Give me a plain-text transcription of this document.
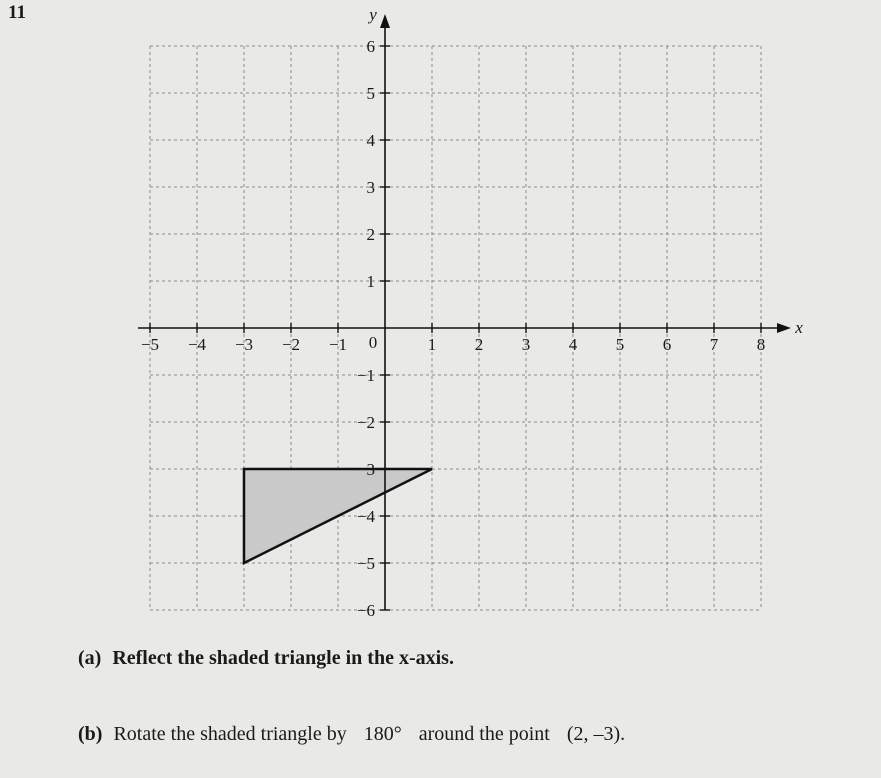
11
−5 −4 −3 −2 −1	1 2 3 4 5 6 7 8
0
1
2
3
4
5
6
−1
−2
−3
−4
−5
−6
x
y
(a) Reflect the shaded triangle in the x-axis.
(b) Rotate the shaded triangle by 180° around the point (2, –3).
